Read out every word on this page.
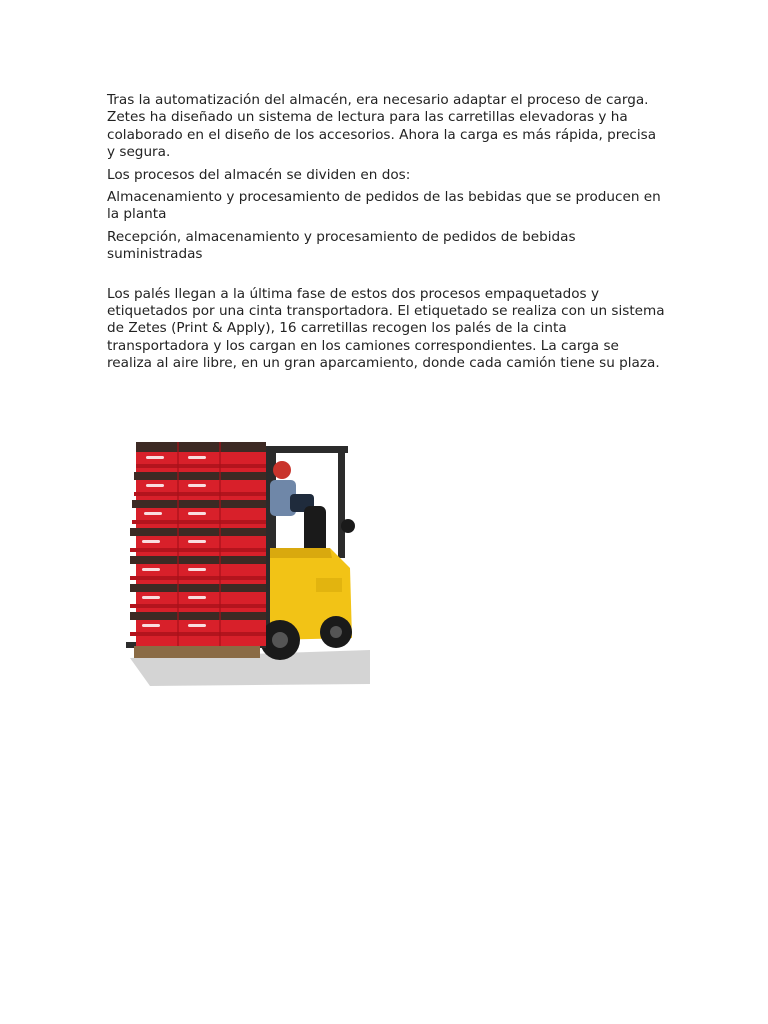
Tras la automatización del almacén, era necesario adaptar el proceso de carga. Zetes ha diseñado un sistema de lectura para las carretillas elevadoras y ha colaborado en el diseño de los accesorios. Ahora la carga es más rápida, precisa y segura.

Los procesos del almacén se dividen en dos:

Almacenamiento y procesamiento de pedidos de las bebidas que se producen en la planta

Recepción, almacenamiento y procesamiento de pedidos de bebidas suministradas

Los palés llegan a la última fase de estos dos procesos empaquetados y etiquetados por una cinta transportadora. El etiquetado se realiza con un sistema de Zetes (Print & Apply), 16 carretillas recogen los palés de la cinta transportadora y los cargan en los camiones correspondientes. La carga se realiza al aire libre, en un gran aparcamiento, donde cada camión tiene su plaza.
